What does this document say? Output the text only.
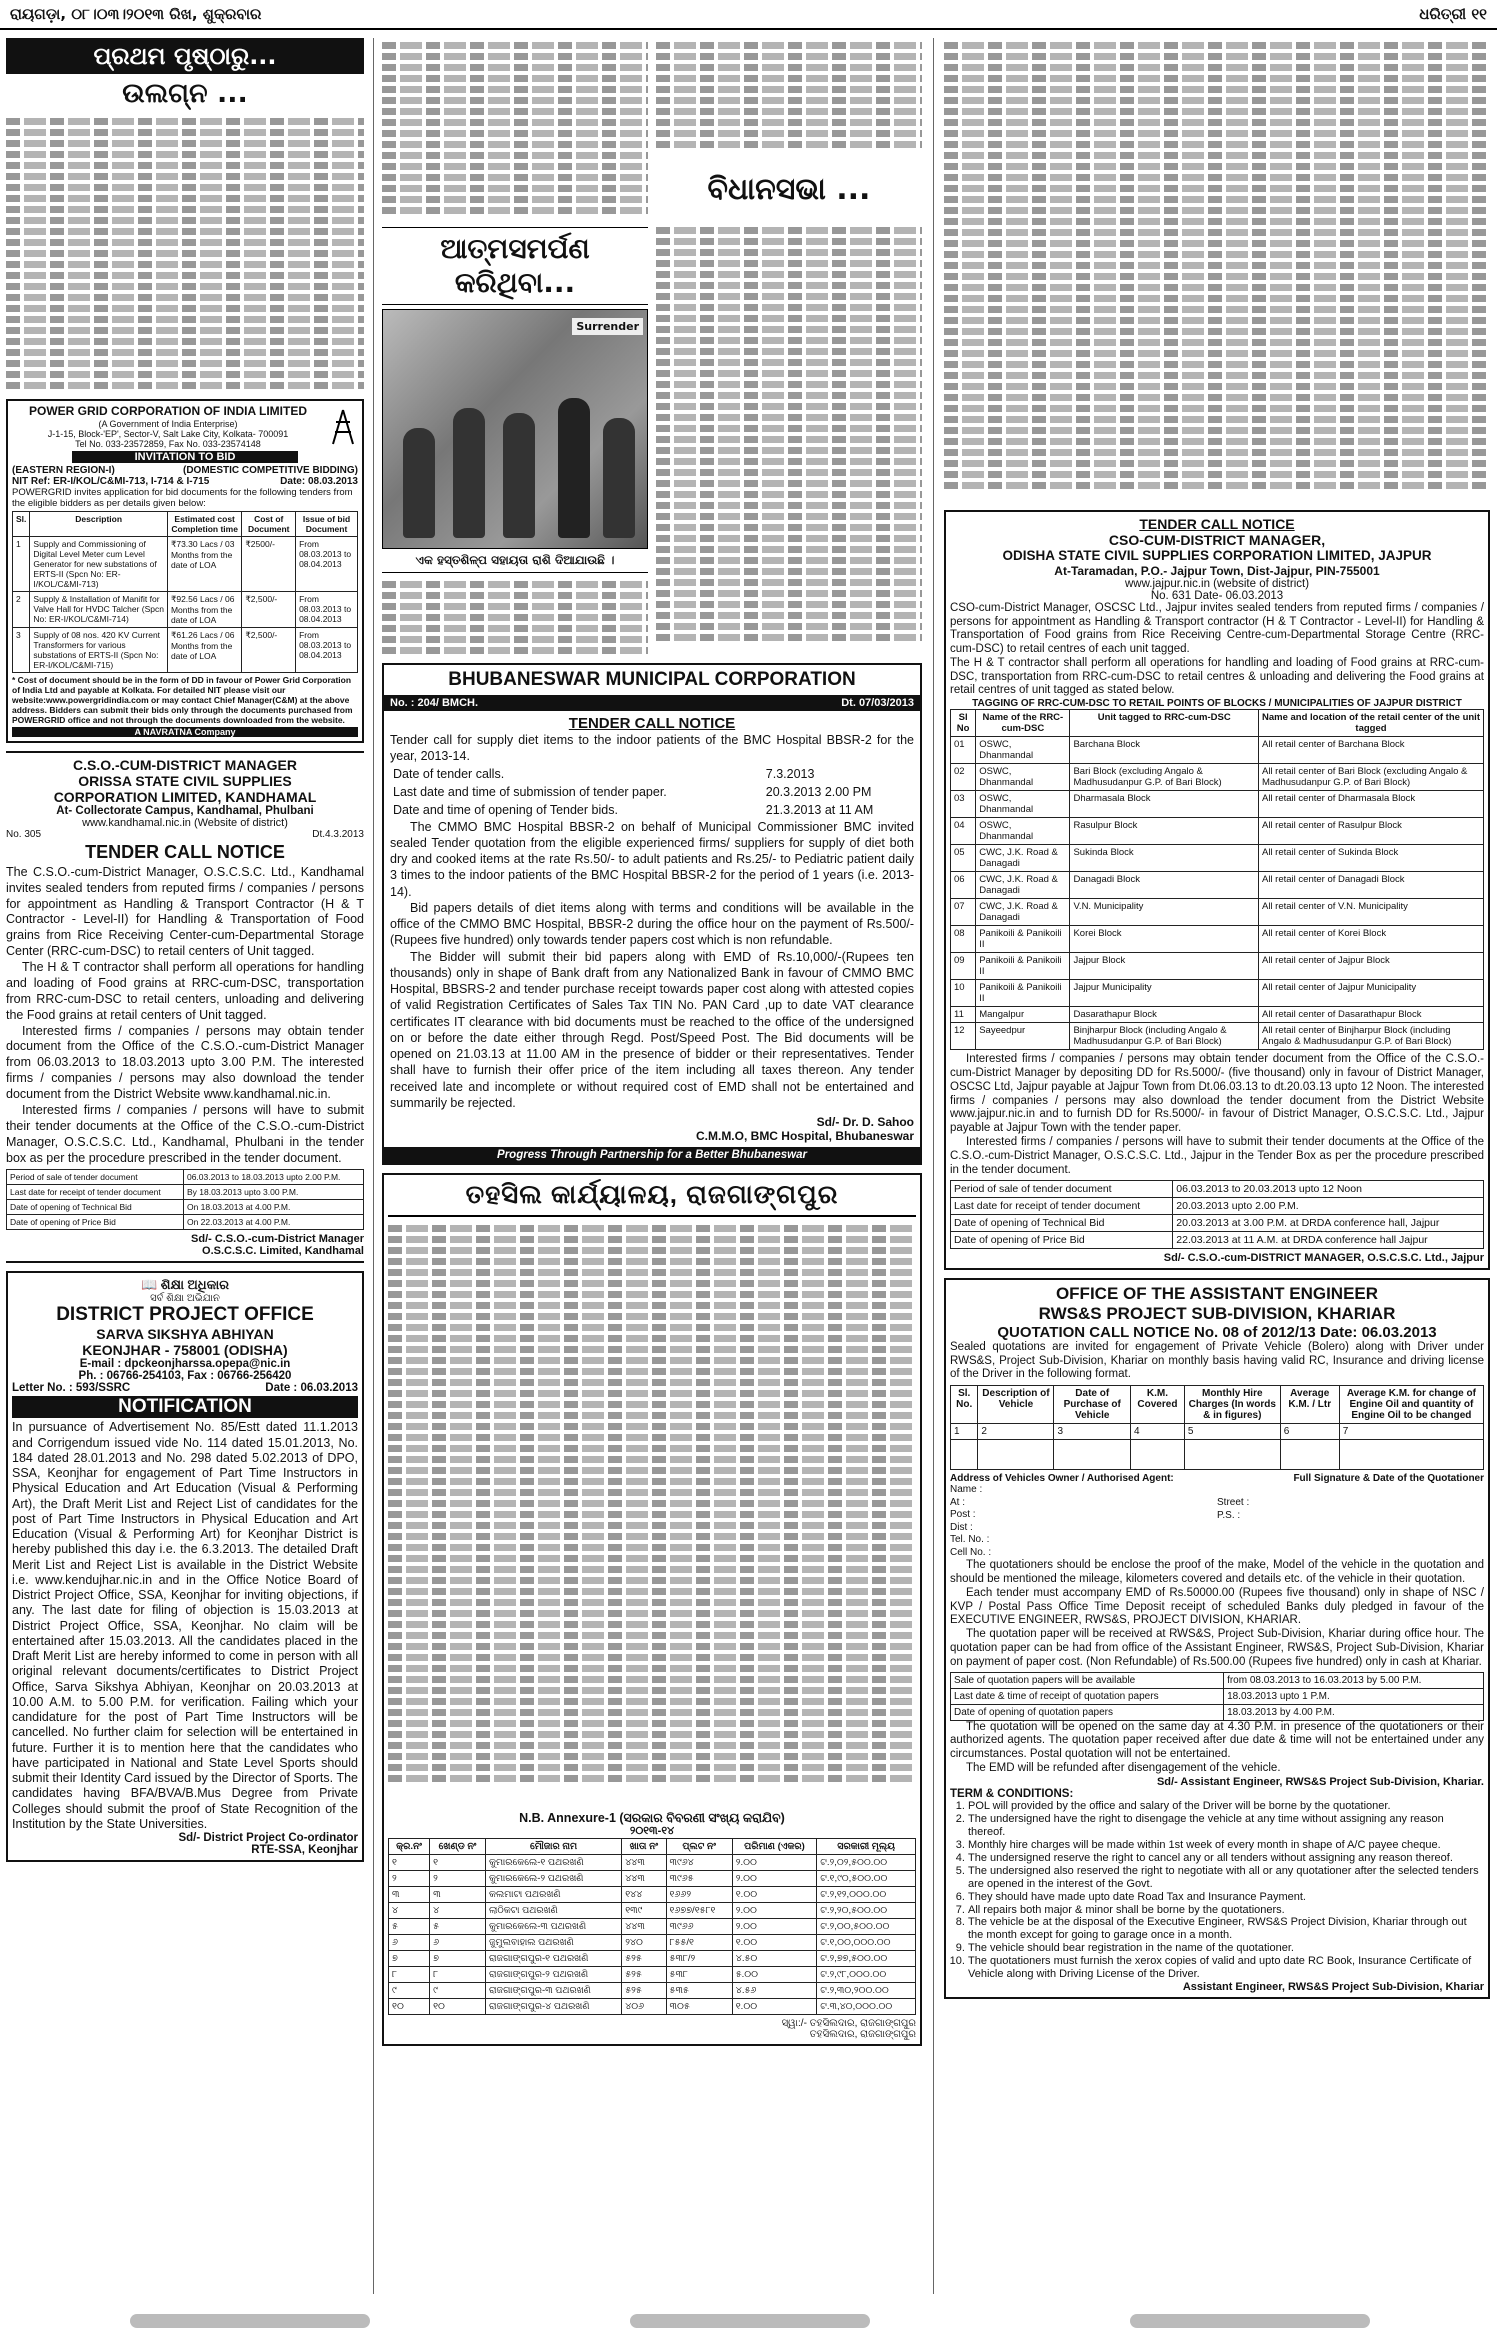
ରାୟଗଡ଼ା, ୦୮।୦୩।୨୦୧୩ ରିଖ, ଶୁକ୍ରବାର	ଧରିତ୍ରୀ ୧୧
ପ୍ରଥମ ପୃଷ୍ଠାରୁ...
ଉଲଗ୍ନ ...
POWER GRID CORPORATION OF INDIA LIMITED
(A Government of India Enterprise)
J-1-15, Block-'EP', Sector-V, Salt Lake City, Kolkata- 700091
Tel No. 033-23572859, Fax No. 033-23574148
INVITATION TO BID
(EASTERN REGION-I)	(DOMESTIC COMPETITIVE BIDDING)
NIT Ref: ER-I/KOL/C&MI-713, I-714 & I-715	Date: 08.03.2013
POWERGRID invites application for bid documents for the following tenders from the eligible bidders as per details given below:
Sl.	Description	Estimated cost Completion time	Cost of Document	Issue of bid Document
1	Supply and Commissioning of Digital Level Meter cum Level Generator for new substations of ERTS-II (Spcn No: ER-I/KOL/C&MI-713)	₹73.30 Lacs / 03 Months from the date of LOA	₹2500/-	From 08.03.2013 to 08.04.2013
2	Supply & Installation of Manifit for Valve Hall for HVDC Talcher (Spcn No: ER-I/KOL/C&MI-714)	₹92.56 Lacs / 06 Months from the date of LOA	₹2,500/-	From 08.03.2013 to 08.04.2013
3	Supply of 08 nos. 420 KV Current Transformers for various substations of ERTS-II (Spcn No: ER-I/KOL/C&MI-715)	₹61.26 Lacs / 06 Months from the date of LOA	₹2,500/-	From 08.03.2013 to 08.04.2013
* Cost of document should be in the form of DD in favour of Power Grid Corporation of India Ltd and payable at Kolkata. For detailed NIT please visit our website:www.powergridindia.com or may contact Chief Manager(C&M) at the above address. Bidders can submit their bids only through the documents purchased from POWERGRID office and not through the documents downloaded from the website.
A NAVRATNA Company
C.S.O.-CUM-DISTRICT MANAGER
ORISSA STATE CIVIL SUPPLIES
CORPORATION LIMITED, KANDHAMAL
At- Collectorate Campus, Kandhamal, Phulbani
www.kandhamal.nic.in (Website of district)
No. 305	Dt.4.3.2013
TENDER CALL NOTICE
The C.S.O.-cum-District Manager, O.S.C.S.C. Ltd., Kandhamal invites sealed tenders from reputed firms / companies / persons for appointment as Handling & Transport Contractor (H & T Contractor - Level-II) for Handling & Transportation of Food grains from Rice Receiving Center-cum-Departmental Storage Center (RRC-cum-DSC) to retail centers of Unit tagged.
The H & T contractor shall perform all operations for handling and loading of Food grains at RRC-cum-DSC, transportation from RRC-cum-DSC to retail centers, unloading and delivering the Food grains at retail centers of Unit tagged.
Interested firms / companies / persons may obtain tender document from the Office of the C.S.O.-cum-District Manager from 06.03.2013 to 18.03.2013 upto 3.00 P.M. The interested firms / companies / persons may also download the tender document from the District Website www.kandhamal.nic.in.
Interested firms / companies / persons will have to submit their tender documents at the Office of the C.S.O.-cum-District Manager, O.S.C.S.C. Ltd., Kandhamal, Phulbani in the tender box as per the procedure prescribed in the tender document.
Period of sale of tender document	06.03.2013 to 18.03.2013 upto 2.00 P.M.
Last date for receipt of tender document	By 18.03.2013 upto 3.00 P.M.
Date of opening of Technical Bid	On 18.03.2013 at 4.00 P.M.
Date of opening of Price Bid	On 22.03.2013 at 4.00 P.M.
Sd/- C.S.O.-cum-District Manager
O.S.C.S.C. Limited, Kandhamal
📖 ଶିକ୍ଷା ଅଧିକାର
ସର୍ବ ଶିକ୍ଷା ଅଭିଯାନ
DISTRICT PROJECT OFFICE
SARVA SIKSHYA ABHIYAN
KEONJHAR - 758001 (ODISHA)
E-mail : dpckeonjharssa.opepa@nic.in
Ph. : 06766-254103, Fax : 06766-256420
Letter No. : 593/SSRC	Date : 06.03.2013
NOTIFICATION
In pursuance of Advertisement No. 85/Estt dated 11.1.2013 and Corrigendum issued vide No. 114 dated 15.01.2013, No. 184 dated 28.01.2013 and No. 298 dated 5.02.2013 of DPO, SSA, Keonjhar for engagement of Part Time Instructors in Physical Education and Art Education (Visual & Performing Art), the Draft Merit List and Reject List of candidates for the post of Part Time Instructors in Physical Education and Art Education (Visual & Performing Art) for Keonjhar District is hereby published this day i.e. the 6.3.2013. The detailed Draft Merit List and Reject List is available in the District Website i.e. www.kendujhar.nic.in and in the Office Notice Board of District Project Office, SSA, Keonjhar for inviting objections, if any. The last date for filing of objection is 15.03.2013 at District Project Office, SSA, Keonjhar. No claim will be entertained after 15.03.2013. All the candidates placed in the Draft Merit List are hereby informed to come in person with all original relevant documents/certificates to District Project Office, Sarva Sikshya Abhiyan, Keonjhar on 20.03.2013 at 10.00 A.M. to 5.00 P.M. for verification. Failing which your candidature for the post of Part Time Instructors will be cancelled. No further claim for selection will be entertained in future. Further it is to mention here that the candidates who have participated in National and State Level Sports should submit their Identity Card issued by the Director of Sports. The candidates having BFA/BVA/B.Mus Degree from Private Colleges should submit the proof of State Recognition of the Institution by the State Universities.
Sd/- District Project Co-ordinator
RTE-SSA, Keonjhar
ବିଧାନସଭା ...
ଆତ୍ମସମର୍ପଣ କରିଥିବା...
Surrender
ଏକ ହସ୍ତଶିଳ୍ପ ସହାୟତା ରାଶି ଦିଆଯାଉଛି ।
BHUBANESWAR MUNICIPAL CORPORATION
No. : 204/ BMCH.	Dt. 07/03/2013
TENDER CALL NOTICE
Tender call for supply diet items to the indoor patients of the BMC Hospital BBSR-2 for the year, 2013-14.
Date of tender calls.	7.3.2013
Last date and time of submission of tender paper.	20.3.2013 2.00 PM
Date and time of opening of Tender bids.	21.3.2013 at 11 AM
The CMMO BMC Hospital BBSR-2 on behalf of Municipal Commissioner BMC invited sealed Tender quotation from the eligible experienced firms/ suppliers for supply of diet both dry and cooked items at the rate Rs.50/- to adult patients and Rs.25/- to Pediatric patient daily 3 times to the indoor patients of the BMC Hospital BBSR-2 for the period of 1 years (i.e. 2013-14).
Bid papers details of diet items along with terms and conditions will be available in the office of the CMMO BMC Hospital, BBSR-2 during the office hour on the payment of Rs.500/- (Rupees five hundred) only towards tender papers cost which is non refundable.
The Bidder will submit their bid papers along with EMD of Rs.10,000/-(Rupees ten thousands) only in shape of Bank draft from any Nationalized Bank in favour of CMMO BMC Hospital, BBSRS-2 and tender purchase receipt towards paper cost along with attested copies of valid Registration Certificates of Sales Tax TIN No. PAN Card ,up to date VAT clearance certificates IT clearance with bid documents must be reached to the office of the undersigned on or before the date either through Regd. Post/Speed Post. The Bid documents will be opened on 21.03.13 at 11.00 AM in the presence of bidder or their representatives. Tender shall have to furnish their offer price of the item including all taxes thereon. Any tender received late and incomplete or without required cost of EMD shall not be entertained and summarily be rejected.
Sd/- Dr. D. Sahoo
C.M.M.O, BMC Hospital, Bhubaneswar
Progress Through Partnership for a Better Bhubaneswar
ତହସିଲ କାର୍ଯ୍ୟାଳୟ, ରାଜଗାଙ୍ଗପୁର
N.B. Annexure-1 (ସରକାର ବିବରଣୀ ସଂଖ୍ୟ କରାଯିବ)
୨୦୧୩-୧୪
କ୍ର.ନଂ	ଖେଣ୍ଡ ନଂ	ମୌଜାର ନାମ	ଖାତା ନଂ	ପ୍ଲଟ ନଂ	ପରିମାଣ (ଏକର)	ସରକାରୀ ମୂଲ୍ୟ
୧	୧	କୁମାରକେଲେ-୧ ପଥରଖଣି	୪୪୩	୩୯୬୪	୨.୦୦	ଟ.୨,୦୨,୫୦୦.୦୦
୨	୨	କୁମାରକେଲେ-୨ ପଥରଖଣି	୪୪୩	୩୯୬୫	୨.୦୦	ଟ.୧,୯୦,୫୦୦.୦୦
୩	୩	କଲମାଟା ପଥରଖଣି	୧୪୪	୧୬୬୨	୧.୦୦	ଟ.୨,୧୨,୦୦୦.୦୦
୪	୪	ଲାଠିକଟା ପଥରଖଣି	୧୩୯	୧୬୭୭/୧୫୮୧	୨.୦୦	ଟ.୨,୨୦,୫୦୦.୦୦
୫	୫	କୁମାରକେଲେ-୩ ପଥରଖଣି	୪୪୩	୩୯୬୬	୨.୦୦	ଟ.୨,୦୦,୫୦୦.୦୦
୬	୬	ଜୁମୁଲବାହାଲ ପଥରଖଣି	୨୪୦	୮୫୫/୧	୧.୦୦	ଟ.୧,୦୦,୦୦୦.୦୦
୭	୭	ରାଜଗାଙ୍ଗପୁର-୧ ପଥରଖଣି	୫୨୫	୫୩୮/୨	୪.୫୦	ଟ.୨,୭୭,୫୦୦.୦୦
୮	୮	ରାଜଗାଙ୍ଗପୁର-୨ ପଥରଖଣି	୫୨୫	୫୩୮	୫.୦୦	ଟ.୨,୯୮,୦୦୦.୦୦
୯	୯	ରାଜଗାଙ୍ଗପୁର-୩ ପଥରଖଣି	୫୨୫	୫୩୫	୪.୫୬	ଟ.୨,୩୦,୨୦୦.୦୦
୧୦	୧୦	ରାଜଗାଙ୍ଗପୁର-୪ ପଥରଖଣି	୪୦୬	୩୦୫	୧.୦୦	ଟ.୩,୪୦,୦୦୦.୦୦
ସ୍ୱା:/- ତହସିଲଦାର, ରାଜଗାଙ୍ଗପୁର
ତହସିଲଦାର, ରାଜଗାଙ୍ଗପୁର
TENDER CALL NOTICE
CSO-CUM-DISTRICT MANAGER,
ODISHA STATE CIVIL SUPPLIES CORPORATION LIMITED, JAJPUR
At-Taramadan, P.O.- Jajpur Town, Dist-Jajpur, PIN-755001
www.jajpur.nic.in (website of district)
No. 631 Date- 06.03.2013
CSO-cum-District Manager, OSCSC Ltd., Jajpur invites sealed tenders from reputed firms / companies / persons for appointment as Handling & Transport contractor (H & T Contractor - Level-II) for Handling & Transportation of Food grains from Rice Receiving Centre-cum-Departmental Storage Centre (RRC-cum-DSC) to retail centres of each unit tagged.
The H & T contractor shall perform all operations for handling and loading of Food grains at RRC-cum-DSC, transportation from RRC-cum-DSC to retail centres & unloading and delivering the Food grains at retail centres of unit tagged as stated below.
TAGGING OF RRC-CUM-DSC TO RETAIL POINTS OF BLOCKS / MUNICIPALITIES OF JAJPUR DISTRICT
Sl No	Name of the RRC-cum-DSC	Unit tagged to RRC-cum-DSC	Name and location of the retail center of the unit tagged
01	OSWC, Dhanmandal	Barchana Block	All retail center of Barchana Block
02	OSWC, Dhanmandal	Bari Block (excluding Angalo & Madhusudanpur G.P. of Bari Block)	All retail center of Bari Block (excluding Angalo & Madhusudanpur G.P. of Bari Block)
03	OSWC, Dhanmandal	Dharmasala Block	All retail center of Dharmasala Block
04	OSWC, Dhanmandal	Rasulpur Block	All retail center of Rasulpur Block
05	CWC, J.K. Road & Danagadi	Sukinda Block	All retail center of Sukinda Block
06	CWC, J.K. Road & Danagadi	Danagadi Block	All retail center of Danagadi Block
07	CWC, J.K. Road & Danagadi	V.N. Municipality	All retail center of V.N. Municipality
08	Panikoili & Panikoili II	Korei Block	All retail center of Korei Block
09	Panikoili & Panikoili II	Jajpur Block	All retail center of Jajpur Block
10	Panikoili & Panikoili II	Jajpur Municipality	All retail center of Jajpur Municipality
11	Mangalpur	Dasarathapur Block	All retail center of Dasarathapur Block
12	Sayeedpur	Binjharpur Block (including Angalo & Madhusudanpur G.P. of Bari Block)	All retail center of Binjharpur Block (including Angalo & Madhusudanpur G.P. of Bari Block)
Interested firms / companies / persons may obtain tender document from the Office of the C.S.O.-cum-District Manager by depositing DD for Rs.5000/- (five thousand) only in favour of District Manager, OSCSC Ltd, Jajpur payable at Jajpur Town from Dt.06.03.13 to dt.20.03.13 upto 12 Noon. The interested firms / companies / persons may also download the tender document from the District Website www.jajpur.nic.in and to furnish DD for Rs.5000/- in favour of District Manager, O.S.C.S.C. Ltd., Jajpur payable at Jajpur Town with the tender paper.
Interested firms / companies / persons will have to submit their tender documents at the Office of the C.S.O.-cum-District Manager, O.S.C.S.C. Ltd., Jajpur in the Tender Box as per the procedure prescribed in the tender document.
Period of sale of tender document	06.03.2013 to 20.03.2013 upto 12 Noon
Last date for receipt of tender document	20.03.2013 upto 2.00 P.M.
Date of opening of Technical Bid	20.03.2013 at 3.00 P.M. at DRDA conference hall, Jajpur
Date of opening of Price Bid	22.03.2013 at 11 A.M. at DRDA conference hall Jajpur
Sd/- C.S.O.-cum-DISTRICT MANAGER, O.S.C.S.C. Ltd., Jajpur
OFFICE OF THE ASSISTANT ENGINEER
RWS&S PROJECT SUB-DIVISION, KHARIAR
QUOTATION CALL NOTICE No. 08 of 2012/13 Date: 06.03.2013
Sealed quotations are invited for engagement of Private Vehicle (Bolero) along with Driver under RWS&S, Project Sub-Division, Khariar on monthly basis having valid RC, Insurance and driving license of the Driver in the following format.
Sl. No.	Description of Vehicle	Date of Purchase of Vehicle	K.M. Covered	Monthly Hire Charges (In words & in figures)	Average K.M. / Ltr	Average K.M. for change of Engine Oil and quantity of Engine Oil to be changed
1	2	3	4	5	6	7

Address of Vehicles Owner / Authorised Agent:	Full Signature & Date of the Quotationer
Name :
At :
Post :
Dist :
Tel. No. :
Cell No. :
Street :
P.S. :
The quotationers should be enclose the proof of the make, Model of the vehicle in the quotation and should be mentioned the mileage, kilometers covered and details etc. of the vehicle in their quotation.
Each tender must accompany EMD of Rs.50000.00 (Rupees five thousand) only in shape of NSC / KVP / Postal Pass Office Time Deposit receipt of scheduled Banks duly pledged in favour of the EXECUTIVE ENGINEER, RWS&S, PROJECT DIVISION, KHARIAR.
The quotation paper will be received at RWS&S, Project Sub-Division, Khariar during office hour. The quotation paper can be had from office of the Assistant Engineer, RWS&S, Project Sub-Division, Khariar on payment of paper cost. (Non Refundable) of Rs.500.00 (Rupees five hundred) only in cash at Khariar.
Sale of quotation papers will be available	from 08.03.2013 to 16.03.2013 by 5.00 P.M.
Last date & time of receipt of quotation papers	18.03.2013 upto 1 P.M.
Date of opening of quotation papers	18.03.2013 by 4.00 P.M.
The quotation will be opened on the same day at 4.30 P.M. in presence of the quotationers or their authorized agents. The quotation paper received after due date & time will not be entertained under any circumstances. Postal quotation will not be entertained.
The EMD will be refunded after disengagement of the vehicle.
Sd/- Assistant Engineer, RWS&S Project Sub-Division, Khariar.
TERM & CONDITIONS:
1. POL will provided by the office and salary of the Driver will be borne by the quotationer.
2. The undersigned have the right to disengage the vehicle at any time without assigning any reason thereof.
3. Monthly hire charges will be made within 1st week of every month in shape of A/C payee cheque.
4. The undersigned reserve the right to cancel any or all tenders without assigning any reason thereof.
5. The undersigned also reserved the right to negotiate with all or any quotationer after the selected tenders are opened in the interest of the Govt.
6. They should have made upto date Road Tax and Insurance Payment.
7. All repairs both major & minor shall be borne by the quotationers.
8. The vehicle be at the disposal of the Executive Engineer, RWS&S Project Division, Khariar through out the month except for going to garage once in a month.
9. The vehicle should bear registration in the name of the quotationer.
10. The quotationers must furnish the xerox copies of valid and upto date RC Book, Insurance Certificate of Vehicle along with Driving License of the Driver.
Assistant Engineer, RWS&S Project Sub-Division, Khariar
